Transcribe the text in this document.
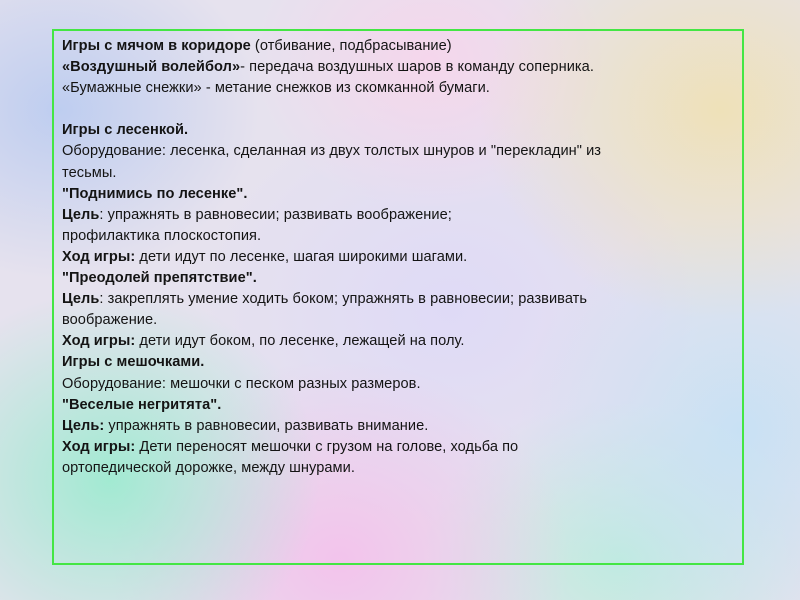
Игры с мячом в коридоре (отбивание, подбрасывание)
«Воздушный волейбол»- передача воздушных шаров в команду соперника.
«Бумажные снежки» - метание снежков из скомканной бумаги.
Игры с лесенкой.
Оборудование: лесенка, сделанная из двух толстых шнуров и "перекладин" из
тесьмы.
"Поднимись по лесенке".
Цель: упражнять в равновесии; развивать воображение;
профилактика плоскостопия.
Ход игры: дети идут по лесенке, шагая широкими шагами.
"Преодолей препятствие".
Цель: закреплять умение ходить боком; упражнять в равновесии; развивать
воображение.
Ход игры: дети идут боком, по лесенке, лежащей на полу.
Игры с мешочками.
Оборудование: мешочки с песком разных размеров.
"Веселые негритята".
Цель: упражнять в равновесии, развивать внимание.
Ход игры: Дети переносят мешочки с грузом на голове, ходьба по
ортопедической дорожке, между шнурами.
